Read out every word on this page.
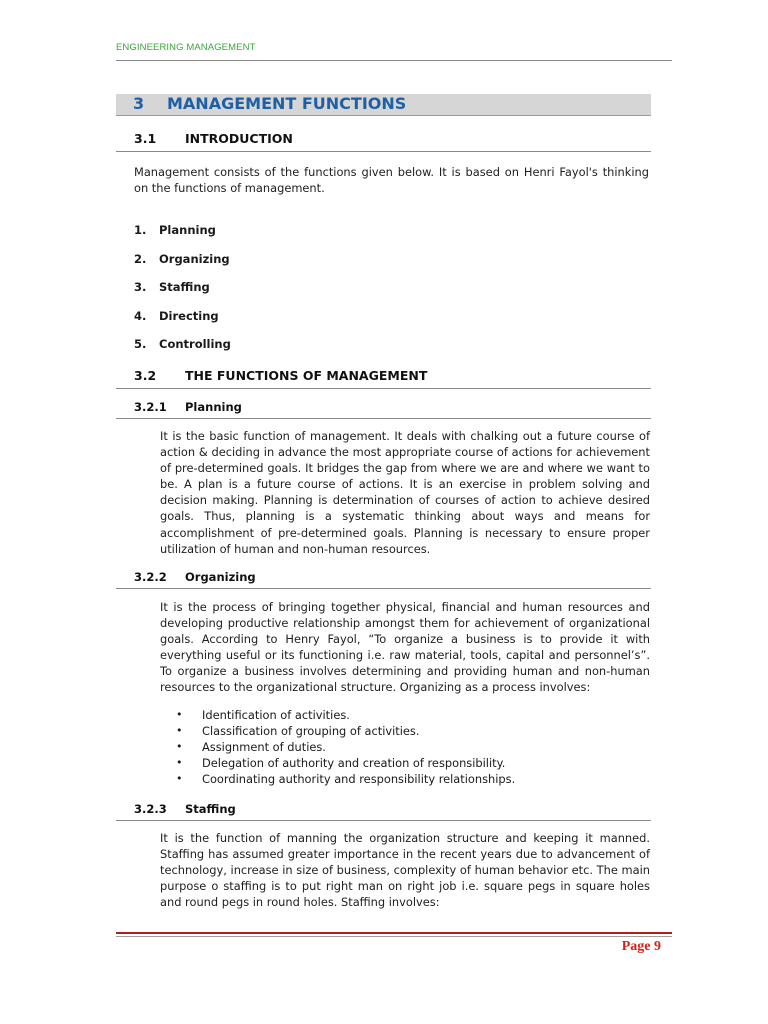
ENGINEERING MANAGEMENT
3 MANAGEMENT FUNCTIONS
3.1 INTRODUCTION

Management consists of the functions given below. It is based on Henri Fayol's thinking on the functions of management.

1. Planning
2. Organizing
3. Staffing
4. Directing
5. Controlling
3.2 THE FUNCTIONS OF MANAGEMENT
3.2.1 Planning

It is the basic function of management. It deals with chalking out a future course of action & deciding in advance the most appropriate course of actions for achievement of pre-determined goals. It bridges the gap from where we are and where we want to be. A plan is a future course of actions. It is an exercise in problem solving and decision making. Planning is determination of courses of action to achieve desired goals. Thus, planning is a systematic thinking about ways and means for accomplishment of pre-determined goals. Planning is necessary to ensure proper utilization of human and non-human resources.

3.2.2 Organizing

It is the process of bringing together physical, financial and human resources and developing productive relationship amongst them for achievement of organizational goals. According to Henry Fayol, “To organize a business is to provide it with everything useful or its functioning i.e. raw material, tools, capital and personnel’s”. To organize a business involves determining and providing human and non-human resources to the organizational structure. Organizing as a process involves:

• Identification of activities.
• Classification of grouping of activities.
• Assignment of duties.
• Delegation of authority and creation of responsibility.
• Coordinating authority and responsibility relationships.
3.2.3 Staffing

It is the function of manning the organization structure and keeping it manned. Staffing has assumed greater importance in the recent years due to advancement of technology, increase in size of business, complexity of human behavior etc. The main purpose o staffing is to put right man on right job i.e. square pegs in square holes and round pegs in round holes. Staffing involves:

Page 9
